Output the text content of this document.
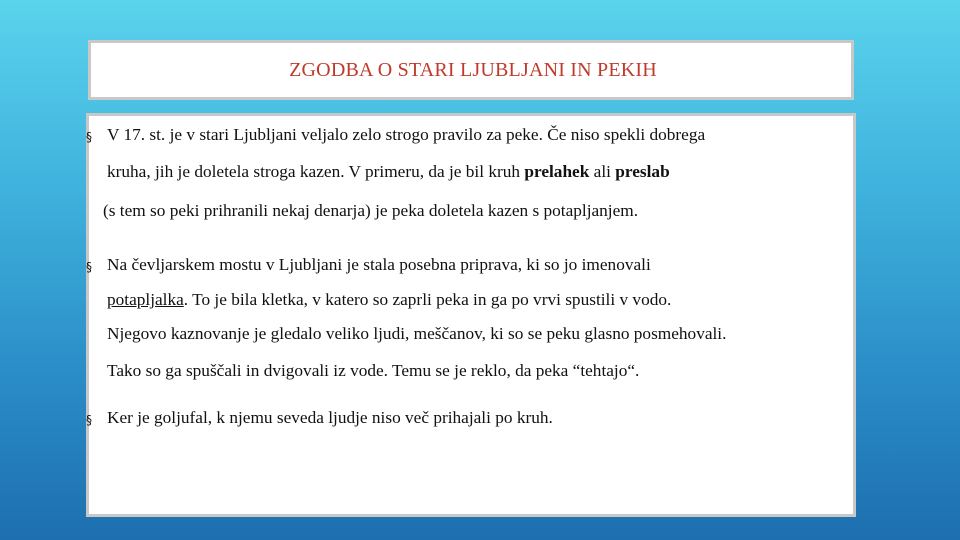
ZGODBA O STARI LJUBLJANI IN PEKIH
§ V 17. st. je v stari Ljubljani veljalo zelo strogo pravilo za peke. Če niso spekli dobrega
kruha, jih je doletela stroga kazen. V primeru, da je bil kruh prelahek ali preslab
(s tem so peki prihranili nekaj denarja) je peka doletela kazen s potapljanjem.
§ Na čevljarskem mostu v Ljubljani je stala posebna priprava, ki so jo imenovali
potapljalka. To je bila kletka, v katero so zaprli peka in ga po vrvi spustili v vodo.
Njegovo kaznovanje je gledalo veliko ljudi, meščanov, ki so se peku glasno posmehovali.
Tako so ga spuščali in dvigovali iz vode. Temu se je reklo, da peka “tehtajo“.
§ Ker je goljufal, k njemu seveda ljudje niso več prihajali po kruh.
